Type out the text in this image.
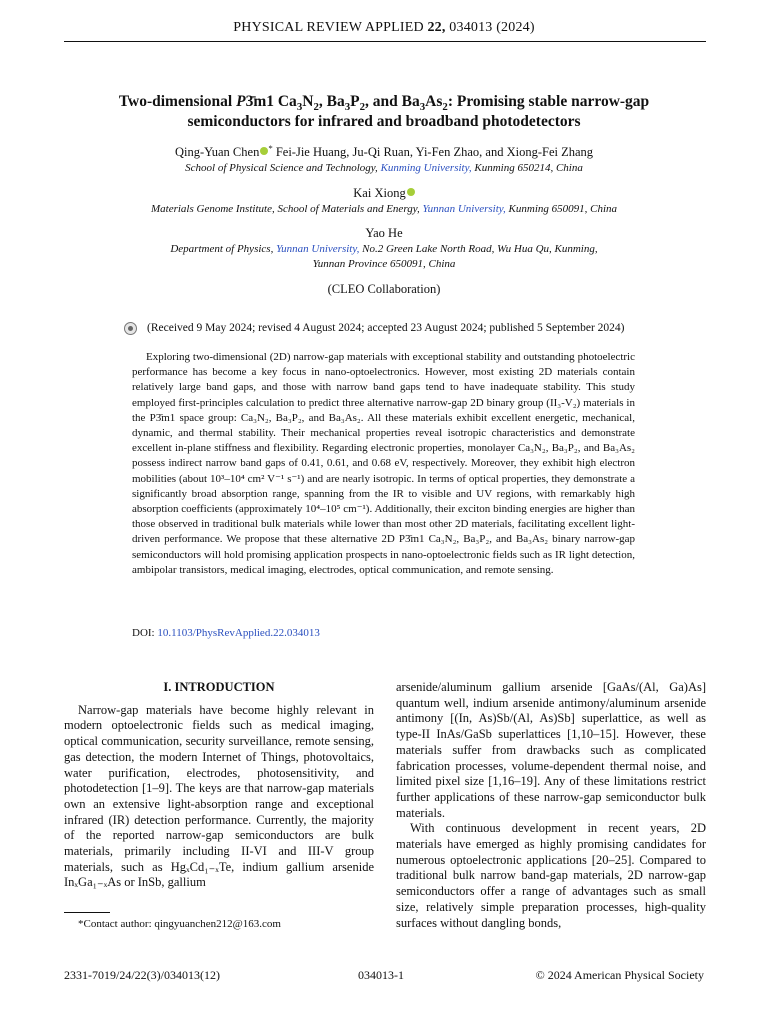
PHYSICAL REVIEW APPLIED 22, 034013 (2024)
Two-dimensional P3̄m1 $Ca_3N_2$, $Ba_3P_2$, and $Ba_3As_2$: Promising stable narrow-gap
semiconductors for infrared and broadband photodetectors
Qing-Yuan Chen * Fei-Jie Huang, Ju-Qi Ruan, Yi-Fen Zhao, and Xiong-Fei Zhang
School of Physical Science and Technology, Kunming University, Kunming 650214, China
Kai Xiong
Materials Genome Institute, School of Materials and Energy, Yunnan University, Kunming 650091, China
Yao He
Department of Physics, Yunnan University, No.2 Green Lake North Road, Wu Hua Qu, Kunming,
Yunnan Province 650091, China
(CLEO Collaboration)
(Received 9 May 2024; revised 4 August 2024; accepted 23 August 2024; published 5 September 2024)
Exploring two-dimensional (2D) narrow-gap materials with exceptional stability and outstanding photoelectric performance has become a key focus in nano-optoelectronics. However, most existing 2D materials contain relatively large band gaps, and those with narrow band gaps tend to have inadequate stability. This study employed first-principles calculation to predict three alternative narrow-gap 2D binary group (II₃-V₂) materials in the P3̄m1 space group: Ca₃N₂, Ba₃P₂, and Ba₃As₂. All these materials exhibit excellent energetic, mechanical, dynamic, and thermal stability. Their mechanical properties reveal isotropic characteristics and demonstrate excellent in-plane stiffness and flexibility. Regarding electronic properties, monolayer Ca₃N₂, Ba₃P₂, and Ba₃As₂ possess indirect narrow band gaps of 0.41, 0.61, and 0.68 eV, respectively. Moreover, they exhibit high electron mobilities (about 10³–10⁴ cm² V⁻¹ s⁻¹) and are nearly isotropic. In terms of optical properties, they demonstrate a significantly broad absorption range, spanning from the IR to visible and UV regions, with remarkably high absorption coefficients (approximately 10⁴–10⁵ cm⁻¹). Additionally, their exciton binding energies are higher than those observed in traditional bulk materials while lower than most other 2D materials, facilitating excellent light-driven performance. We propose that these alternative 2D P3̄m1 Ca₃N₂, Ba₃P₂, and Ba₃As₂ binary narrow-gap semiconductors will hold promising application prospects in nano-optoelectronic fields such as IR light detection, ambipolar transistors, medical imaging, electrodes, optical communication, and remote sensing.
DOI: 10.1103/PhysRevApplied.22.034013
I. INTRODUCTION

Narrow-gap materials have become highly relevant in modern optoelectronic fields such as medical imaging, optical communication, security surveillance, remote sensing, gas detection, the modern Internet of Things, photovoltaics, water purification, electrodes, photosensitivity, and photodetection [1–9]. The keys are that narrow-gap materials own an extensive light-absorption range and exceptional infrared (IR) detection performance. Currently, the majority of the reported narrow-gap semiconductors are bulk materials, primarily including II-VI and III-V group materials, such as HgₓCd₁₋ₓTe, indium gallium arsenide InₓGa₁₋ₓAs or InSb, gallium

arsenide/aluminum gallium arsenide [GaAs/(Al, Ga)As] quantum well, indium arsenide antimony/aluminum arsenide antimony [(In, As)Sb/(Al, As)Sb] superlattice, as well as type-II InAs/GaSb superlattices [1,10–15]. However, these materials suffer from drawbacks such as complicated fabrication processes, volume-dependent thermal noise, and limited pixel size [1,16–19]. Any of these limitations restrict further applications of these narrow-gap semiconductor bulk materials.

With continuous development in recent years, 2D materials have emerged as highly promising candidates for numerous optoelectronic applications [20–25]. Compared to traditional bulk narrow band-gap materials, 2D narrow-gap semiconductors offer a range of advantages such as small size, relatively simple preparation processes, high-quality surfaces without dangling bonds,

*Contact author: qingyuanchen212@163.com
2331-7019/24/22(3)/034013(12)	034013-1	© 2024 American Physical Society
